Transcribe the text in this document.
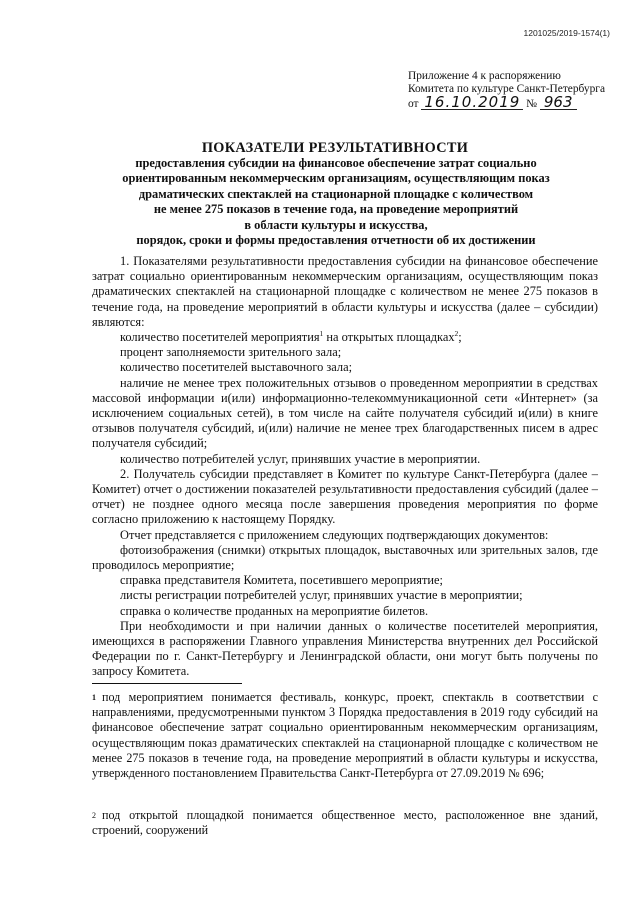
1201025/2019-1574(1)
Приложение 4 к распоряжению
Комитета по культуре Санкт-Петербурга
от 16.10.2019 № 963
ПОКАЗАТЕЛИ РЕЗУЛЬТАТИВНОСТИ
предоставления субсидии на финансовое обеспечение затрат социально
ориентированным некоммерческим организациям, осуществляющим показ
драматических спектаклей на стационарной площадке с количеством
не менее 275 показов в течение года, на проведение мероприятий
в области культуры и искусства,
порядок, сроки и формы предоставления отчетности об их достижении

1. Показателями результативности предоставления субсидии на финансовое обеспечение затрат социально ориентированным некоммерческим организациям, осуществляющим показ драматических спектаклей на стационарной площадке с количеством не менее 275 показов в течение года, на проведение мероприятий в области культуры и искусства (далее – субсидии) являются:

количество посетителей мероприятия$^1$ на открытых площадках$^2$;

процент заполняемости зрительного зала;

количество посетителей выставочного зала;

наличие не менее трех положительных отзывов о проведенном мероприятии в средствах массовой информации и(или) информационно-телекоммуникационной сети «Интернет» (за исключением социальных сетей), в том числе на сайте получателя субсидий и(или) в книге отзывов получателя субсидий, и(или) наличие не менее трех благодарственных писем в адрес получателя субсидий;

количество потребителей услуг, принявших участие в мероприятии.

2. Получатель субсидии представляет в Комитет по культуре Санкт-Петербурга (далее – Комитет) отчет о достижении показателей результативности предоставления субсидий (далее – отчет) не позднее одного месяца после завершения проведения мероприятия по форме согласно приложению к настоящему Порядку.

Отчет представляется с приложением следующих подтверждающих документов:

фотоизображения (снимки) открытых площадок, выставочных или зрительных залов, где проводилось мероприятие;

справка представителя Комитета, посетившего мероприятие;

листы регистрации потребителей услуг, принявших участие в мероприятии;

справка о количестве проданных на мероприятие билетов.

При необходимости и при наличии данных о количестве посетителей мероприятия, имеющихся в распоряжении Главного управления Министерства внутренних дел Российской Федерации по г. Санкт-Петербургу и Ленинградской области, они могут быть получены по запросу Комитета.

$^1$ под мероприятием понимается фестиваль, конкурс, проект, спектакль в соответствии с направлениями, предусмотренными пунктом 3 Порядка предоставления в 2019 году субсидий на финансовое обеспечение затрат социально ориентированным некоммерческим организациям, осуществляющим показ драматических спектаклей на стационарной площадке с количеством не менее 275 показов в течение года, на проведение мероприятий в области культуры и искусства, утвержденного постановлением Правительства Санкт-Петербурга от 27.09.2019 № 696;

$^2$ под открытой площадкой понимается общественное место, расположенное вне зданий, строений, сооружений
